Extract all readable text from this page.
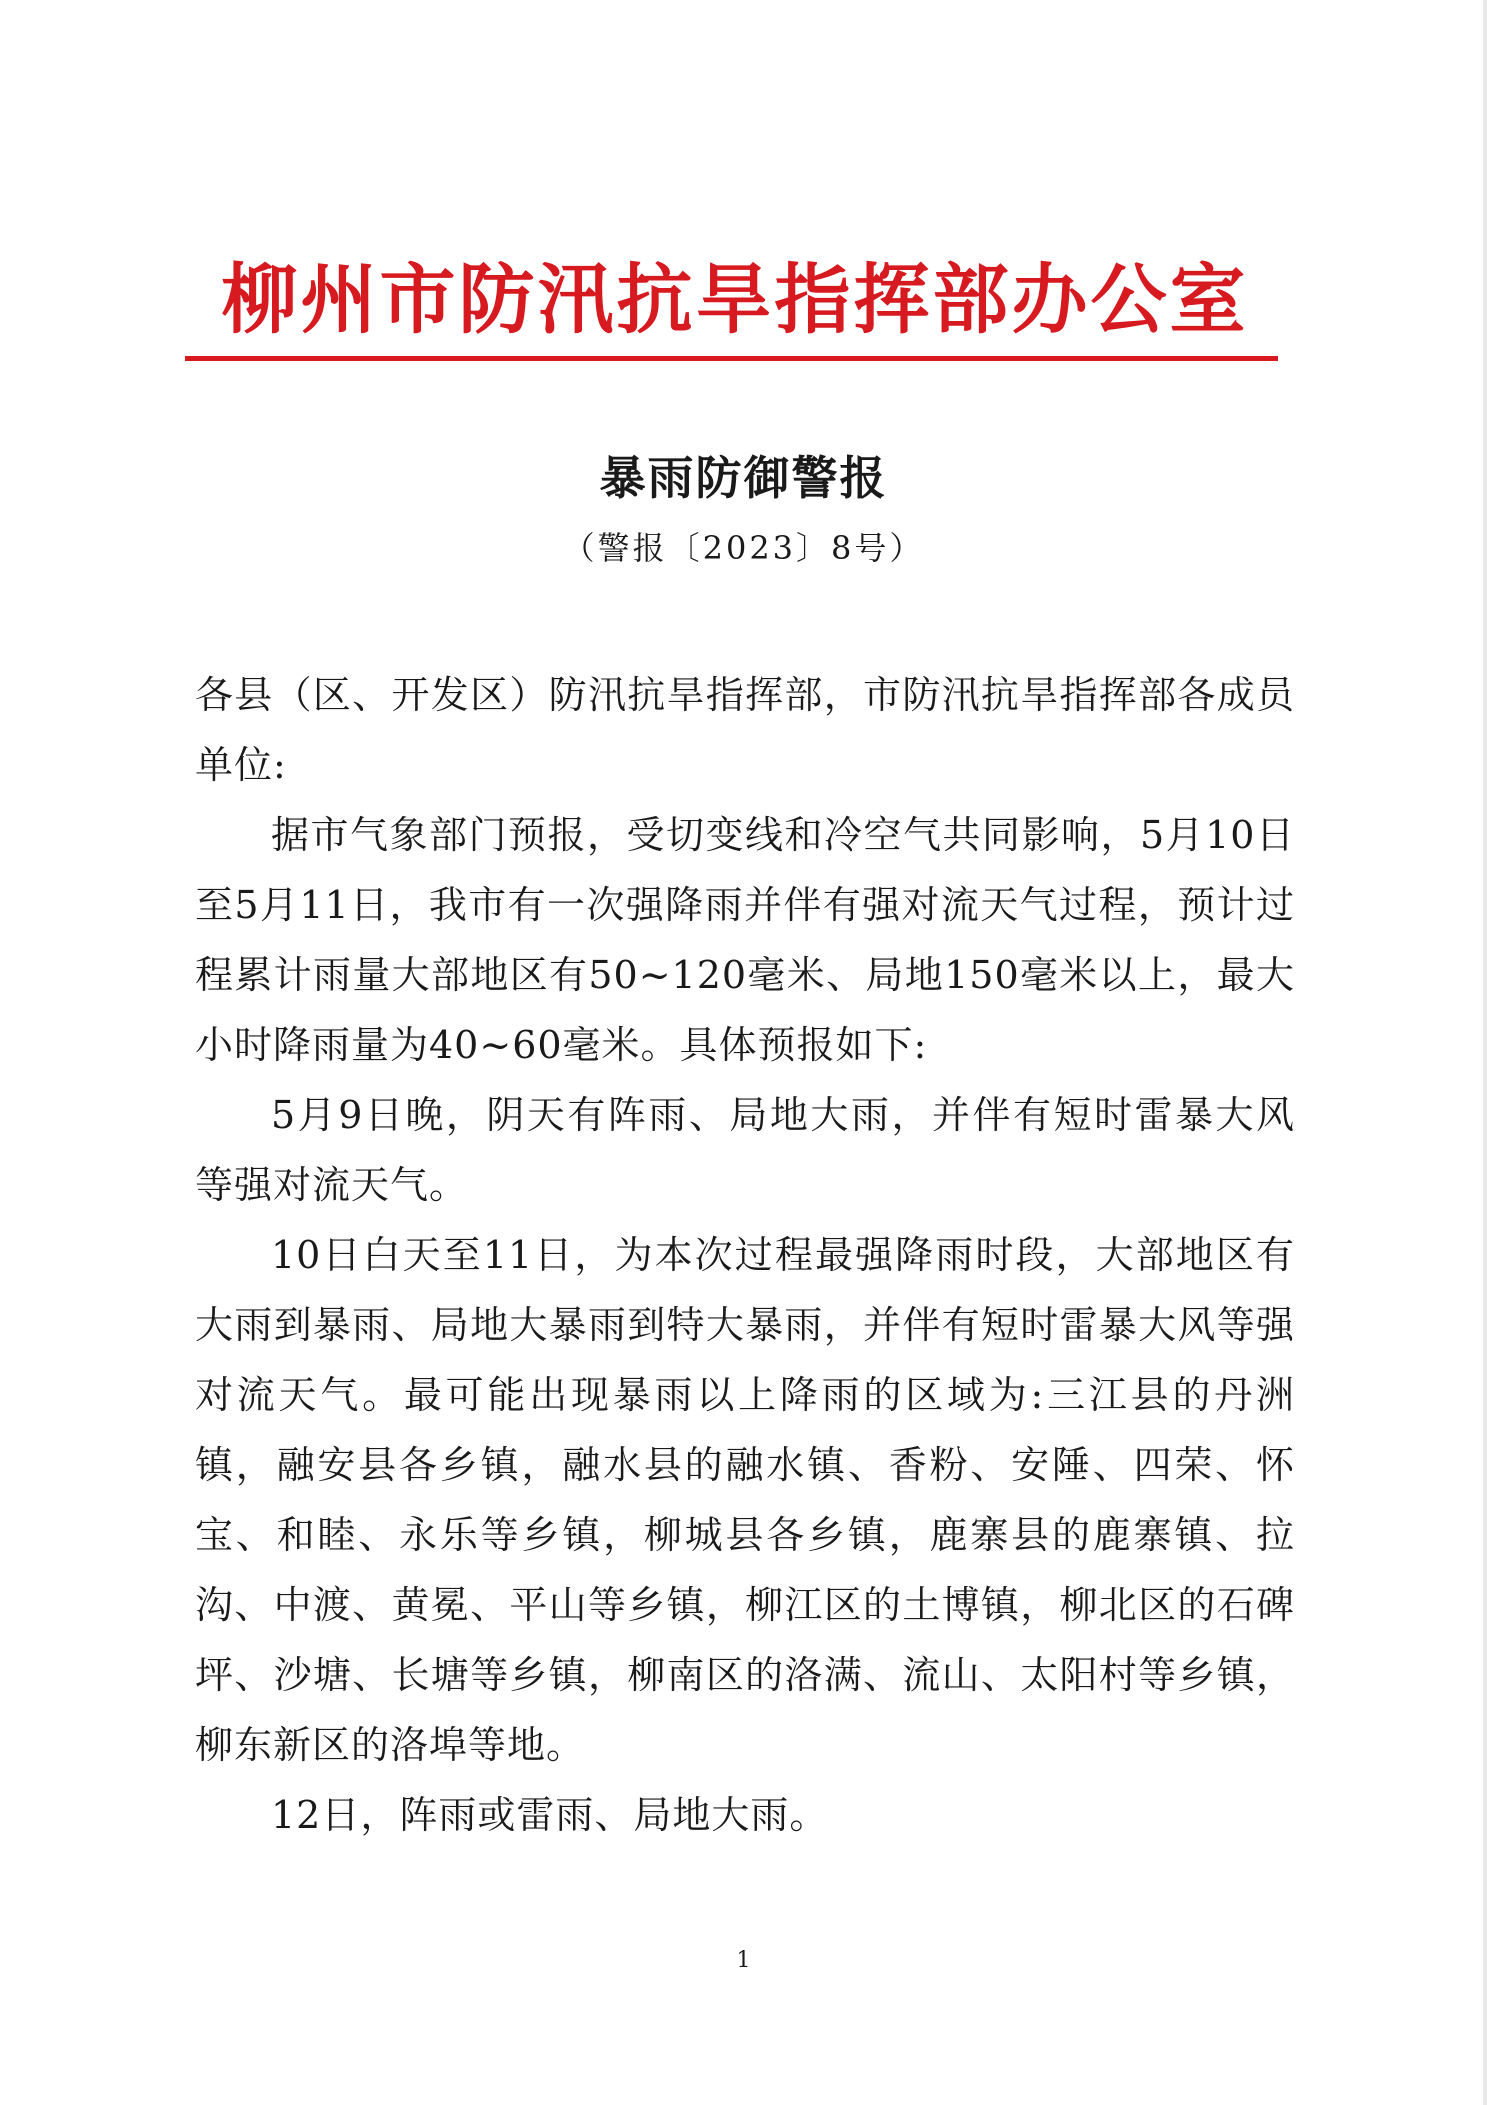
柳州市防汛抗旱指挥部办公室
暴雨防御警报
（警报〔2023〕8号）

各县（区、开发区）防汛抗旱指挥部，市防汛抗旱指挥部各成员单位:

据市气象部门预报，受切变线和冷空气共同影响，5月10日至5月11日，我市有一次强降雨并伴有强对流天气过程，预计过程累计雨量大部地区有50~120毫米、局地150毫米以上，最大小时降雨量为40~60毫米。具体预报如下:

5月9日晚，阴天有阵雨、局地大雨，并伴有短时雷暴大风等强对流天气。

10日白天至11日，为本次过程最强降雨时段，大部地区有大雨到暴雨、局地大暴雨到特大暴雨，并伴有短时雷暴大风等强对流天气。最可能出现暴雨以上降雨的区域为:三江县的丹洲镇，融安县各乡镇，融水县的融水镇、香粉、安陲、四荣、怀宝、和睦、永乐等乡镇，柳城县各乡镇，鹿寨县的鹿寨镇、拉沟、中渡、黄冕、平山等乡镇，柳江区的土博镇，柳北区的石碑坪、沙塘、长塘等乡镇，柳南区的洛满、流山、太阳村等乡镇，柳东新区的洛埠等地。

12日，阵雨或雷雨、局地大雨。

1
